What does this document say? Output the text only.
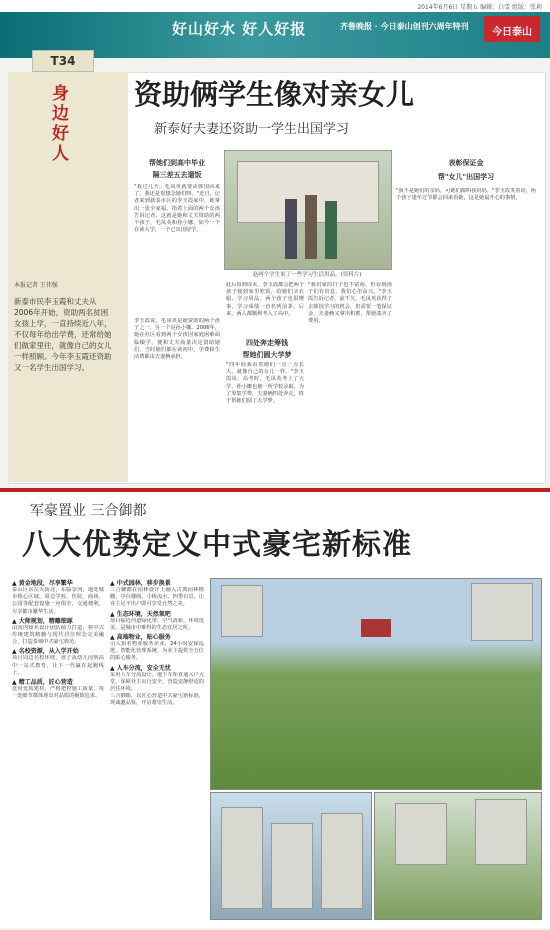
2014年6月6日 星期五 编辑：白雪 组版：张莉
好山好水 好人好报	齐鲁晚报 · 今日泰山创刊六周年特刊
今日泰山
T34
身边好人
资助俩学生像对亲女儿
新泰好夫妻还资助一学生出国学习
本报记者 王伟强
新泰市民李玉霞和丈夫从2006年开始，资助两名贫困女孩上学，一直持续近八年，不仅每年给出学费，还常给她们做家里往，就像自己的女儿一样照顾。今年李玉霞还资助又一名学生出国学习。
帮她们到高中毕业
隔三差五去遛饭
"我过几天，毛凤英就要从韩国回来了，我还是很想念她们呀。"近日，记者来到新泰市区的李玉霞家中，她拿出一张全家福，指着上面的两个女孩告诉记者，这就是她和丈夫资助的两个孩子，毛凤英和孙小娜，如今一个在读大学，一个已出国留学。
李玉霞说，毛凤英是她资助的两个孩子之一，另一个是孙小娜。2006年，她在社区看到两个女孩因家庭困难面临辍学，便和丈夫商量决定资助她们。当时她们都在读初中，学费和生活费都由夫妻俩承担。
赵两个学生来了一些学习生活用品。(资料片)
此后每到周末，李玉霞都会把两个孩子接到家里吃饭，给她们买衣服、学习用品。两个孩子也很懂事，学习成绩一直名列前茅。后来，两人都顺利考入了高中。
四处奔走筹钱
帮她们圆大学梦
"四年间我看着她们一点一点长大，就像自己的女儿一样。"李玉霞说，高考时，毛凤英考上了大学，孙小娜也被一所学校录取，为了筹集学费，夫妻俩四处奔走，终于帮她们圆了大学梦。
"我们家的日子也不富裕，但看到孩子们有出息，我们心里高兴。"李玉霞告诉记者，前不久，毛凤英获得了去韩国学习的机会，但需要一笔保证金，夫妻俩又拿出积蓄，帮她凑齐了费用。
表彰保证金
帮"女儿"出国学习
"我不是她们的亲妈，可她们都叫我妈妈。"李玉霞笑着说，两个孩子逢年过节都会回来看她，这是她最开心的事情。
军豪置业 三合御都
八大优势定义中式豪宅新标准
▲ 黄金地段，尽享繁华
泰山区东岳大街北，东临奈河，地处城市核心区域，周边学校、医院、商场、公园等配套设施一应俱全，交通便利，尽享都市繁华生活。
▲ 大师规划，精雕细琢
由国内知名设计团队倾力打造，将中式传统建筑精髓与现代居住理念完美融合，打造泰城中式豪宅典范。
▲ 名校资源，从入学开始
项目周边名校环绕，孩子从幼儿园到高中一站式教育，让下一代赢在起跑线上。
▲ 精工品质，匠心营造
选用优质建材，严格把控施工质量，每一处细节都体现出对品质的极致追求。
▲ 中式园林，移步换景
三合御都在园林设计上融入古典园林精髓，亭台楼阁，小桥流水，四季有景，让业主足不出户即可享受自然之美。
▲ 生态环境，天然氧吧
项目临近河道绿化带，空气清新，环境优美，是城市中难得的生态宜居之所。
▲ 高端物业，贴心服务
引入知名物业服务企业，24小时安保巡逻，智能化管理系统，为业主提供全方位的贴心服务。
▲ 人车分流，安全无忧
采用人车分流设计，地下车库直通入户大堂，保障业主出行安全，营造安静舒适的居住环境。
三合御都，以匠心营造中式豪宅新标准，现诚邀品鉴，开启尊崇生活。
